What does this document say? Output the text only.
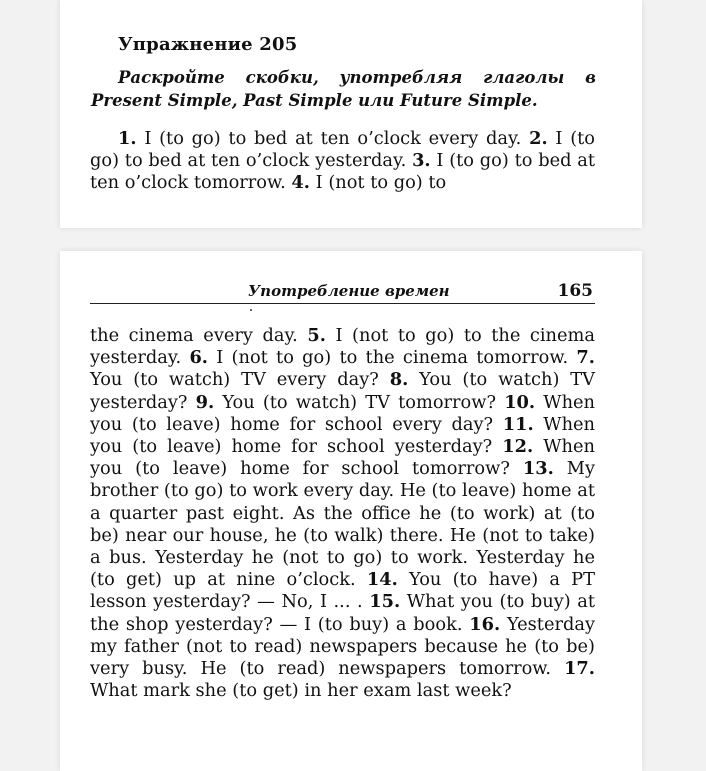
Упражнение 205

Раскройте скобки, употребляя глаголы в Present Simple, Past Simple или Future Simple.

1. I (to go) to bed at ten o’clock every day. 2. I (to go) to bed at ten o’clock yesterday. 3. I (to go) to bed at ten o’clock tomorrow. 4. I (not to go) to

Употребление времен	165

the cinema every day. 5. I (not to go) to the cinema yesterday. 6. I (not to go) to the cinema tomorrow. 7. You (to watch) TV every day? 8. You (to watch) TV yesterday? 9. You (to watch) TV tomorrow? 10. When you (to leave) home for school every day? 11. When you (to leave) home for school yesterday? 12. When you (to leave) home for school tomorrow? 13. My brother (to go) to work every day. He (to leave) home at a quarter past eight. As the office he (to work) at (to be) near our house, he (to walk) there. He (not to take) a bus. Yesterday he (not to go) to work. Yesterday he (to get) up at nine o’clock. 14. You (to have) a PT lesson yesterday? — No, I ... . 15. What you (to buy) at the shop yesterday? — I (to buy) a book. 16. Yesterday my father (not to read) newspapers because he (to be) very busy. He (to read) newspapers tomorrow. 17. What mark she (to get) in her exam last week?
